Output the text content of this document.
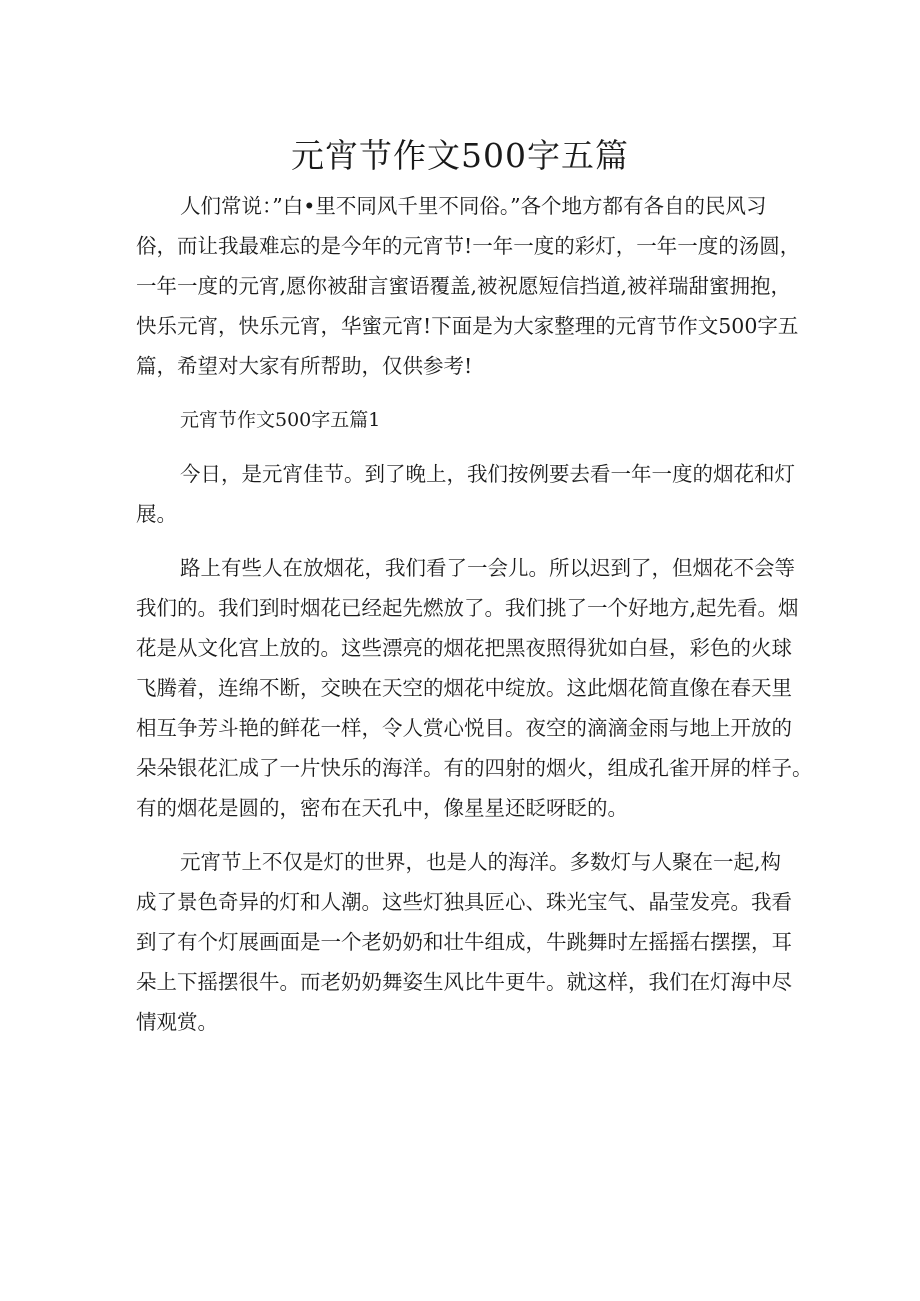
元宵节作文500字五篇

人们常说：”白•里不同风千里不同俗。”各个地方都有各自的民风习

俗，而让我最难忘的是今年的元宵节!一年一度的彩灯，一年一度的汤圆，

一年一度的元宵,愿你被甜言蜜语覆盖,被祝愿短信挡道,被祥瑞甜蜜拥抱，

快乐元宵，快乐元宵，华蜜元宵!下面是为大家整理的元宵节作文500字五

篇，希望对大家有所帮助，仅供参考!

元宵节作文500字五篇1

今日，是元宵佳节。到了晚上，我们按例要去看一年一度的烟花和灯

展。

路上有些人在放烟花，我们看了一会儿。所以迟到了，但烟花不会等

我们的。我们到时烟花已经起先燃放了。我们挑了一个好地方,起先看。烟

花是从文化宫上放的。这些漂亮的烟花把黑夜照得犹如白昼，彩色的火球

飞腾着，连绵不断，交映在天空的烟花中绽放。这此烟花简直像在春天里

相互争芳斗艳的鲜花一样，令人赏心悦目。夜空的滴滴金雨与地上开放的

朵朵银花汇成了一片快乐的海洋。有的四射的烟火，组成孔雀开屏的样子。

有的烟花是圆的，密布在天孔中，像星星还眨呀眨的。

元宵节上不仅是灯的世界，也是人的海洋。多数灯与人聚在一起,构

成了景色奇异的灯和人潮。这些灯独具匠心、珠光宝气、晶莹发亮。我看

到了有个灯展画面是一个老奶奶和壮牛组成，牛跳舞时左摇摇右摆摆，耳

朵上下摇摆很牛。而老奶奶舞姿生风比牛更牛。就这样，我们在灯海中尽

情观赏。
